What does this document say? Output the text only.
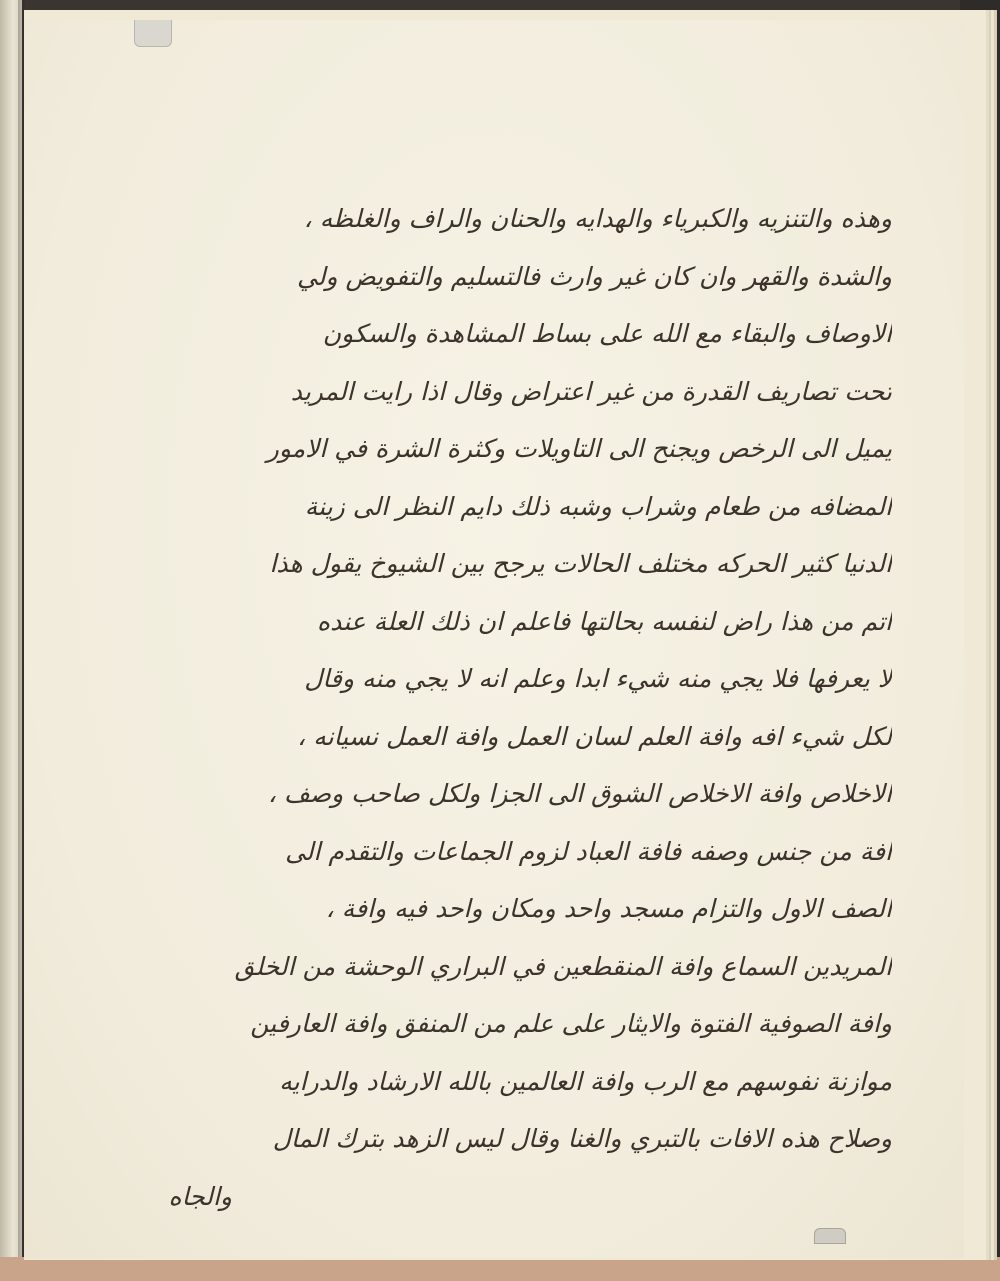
وهذه والتنزيه والكبرياء والهدايه والحنان والراف والغلظه ،
والشدة والقهر وان كان غير وارث فالتسليم والتفويض ولي
الاوصاف والبقاء مع الله على بساط المشاهدة والسكون
تحت تصاريف القدرة من غير اعتراض وقال اذا رايت المريد
يميل الى الرخص ويجنح الى التاويلات وكثرة الشرة في الامور
المضافه من طعام وشراب وشبه ذلك دايم النظر الى زينة
الدنيا كثير الحركه مختلف الحالات يرجح بين الشيوخ يقول هذا
اتم من هذا راض لنفسه بحالتها فاعلم ان ذلك العلة عنده
لا يعرفها فلا يجي منه شيء ابدا وعلم انه لا يجي منه وقال
لكل شيء افه وافة العلم لسان العمل وافة العمل نسيانه ،
الاخلاص وافة الاخلاص الشوق الى الجزا ولكل صاحب وصف ،
افة من جنس وصفه فافة العباد لزوم الجماعات والتقدم الى
الصف الاول والتزام مسجد واحد ومكان واحد فيه وافة ،
المريدين السماع وافة المنقطعين في البراري الوحشة من الخلق
وافة الصوفية الفتوة والايثار على علم من المنفق وافة العارفين
موازنة نفوسهم مع الرب وافة العالمين بالله الارشاد والدرايه
وصلاح هذه الافات بالتبري والغنا وقال ليس الزهد بترك المال
والجاه
